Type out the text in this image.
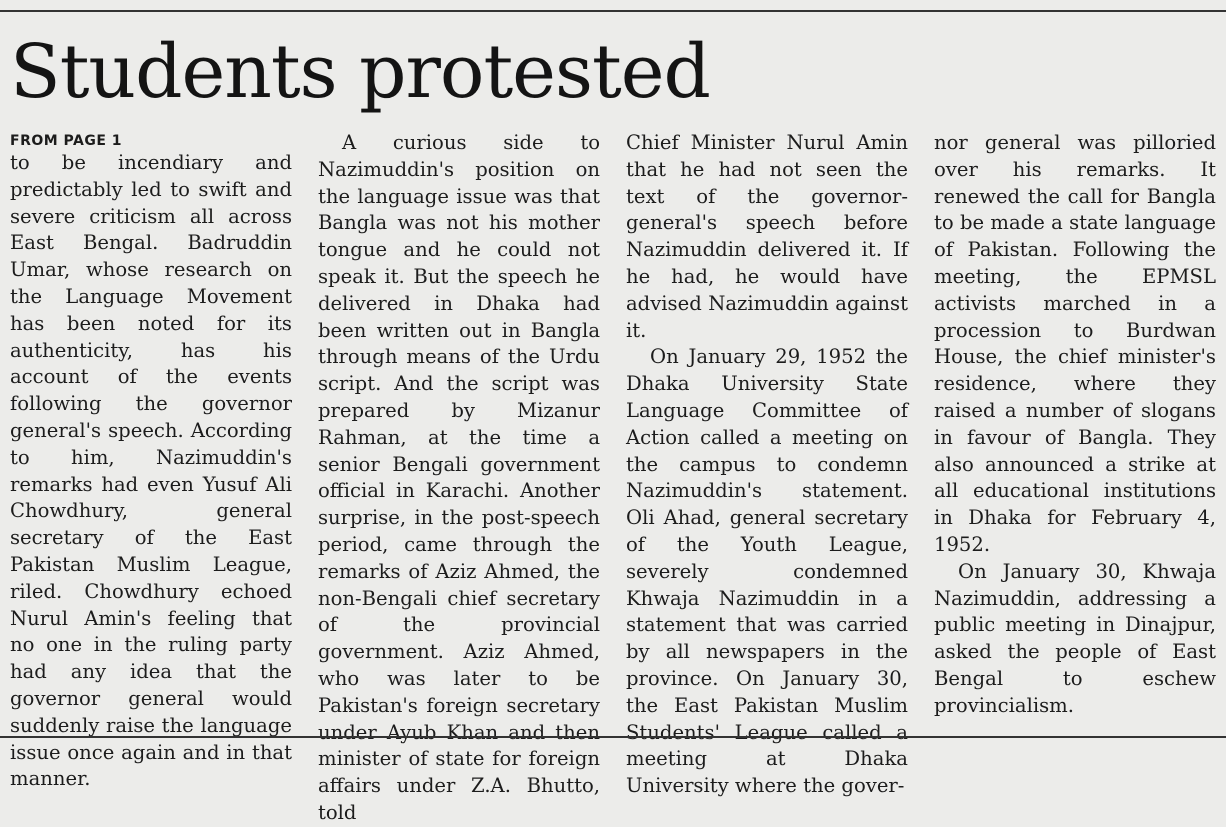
Students protested
FROM PAGE 1

to be incendiary and predictably led to swift and severe criticism all across East Bengal. Badruddin Umar, whose research on the Language Movement has been noted for its authenticity, has his account of the events following the governor general's speech. According to him, Nazimuddin's remarks had even Yusuf Ali Chowdhury, general secretary of the East Pakistan Muslim League, riled. Chowdhury echoed Nurul Amin's feeling that no one in the ruling party had any idea that the governor general would suddenly raise the language issue once again and in that manner.

A curious side to Nazimuddin's position on the language issue was that Bangla was not his mother tongue and he could not speak it. But the speech he delivered in Dhaka had been written out in Bangla through means of the Urdu script. And the script was prepared by Mizanur Rahman, at the time a senior Bengali government official in Karachi. Another surprise, in the post-speech period, came through the remarks of Aziz Ahmed, the non-Bengali chief secretary of the provincial government. Aziz Ahmed, who was later to be Pakistan's foreign secretary under Ayub Khan and then minister of state for foreign affairs under Z.A. Bhutto, told

Chief Minister Nurul Amin that he had not seen the text of the governor-general's speech before Nazimuddin delivered it. If he had, he would have advised Nazimuddin against it.

On January 29, 1952 the Dhaka University State Language Committee of Action called a meeting on the campus to condemn Nazimuddin's statement. Oli Ahad, general secretary of the Youth League, severely condemned Khwaja Nazimuddin in a statement that was carried by all newspapers in the province. On January 30, the East Pakistan Muslim Students' League called a meeting at Dhaka University where the gover-

nor general was pilloried over his remarks. It renewed the call for Bangla to be made a state language of Pakistan. Following the meeting, the EPMSL activists marched in a procession to Burdwan House, the chief minister's residence, where they raised a number of slogans in favour of Bangla. They also announced a strike at all educational institutions in Dhaka for February 4, 1952.

On January 30, Khwaja Nazimuddin, addressing a public meeting in Dinajpur, asked the people of East Bengal to eschew provincialism.
